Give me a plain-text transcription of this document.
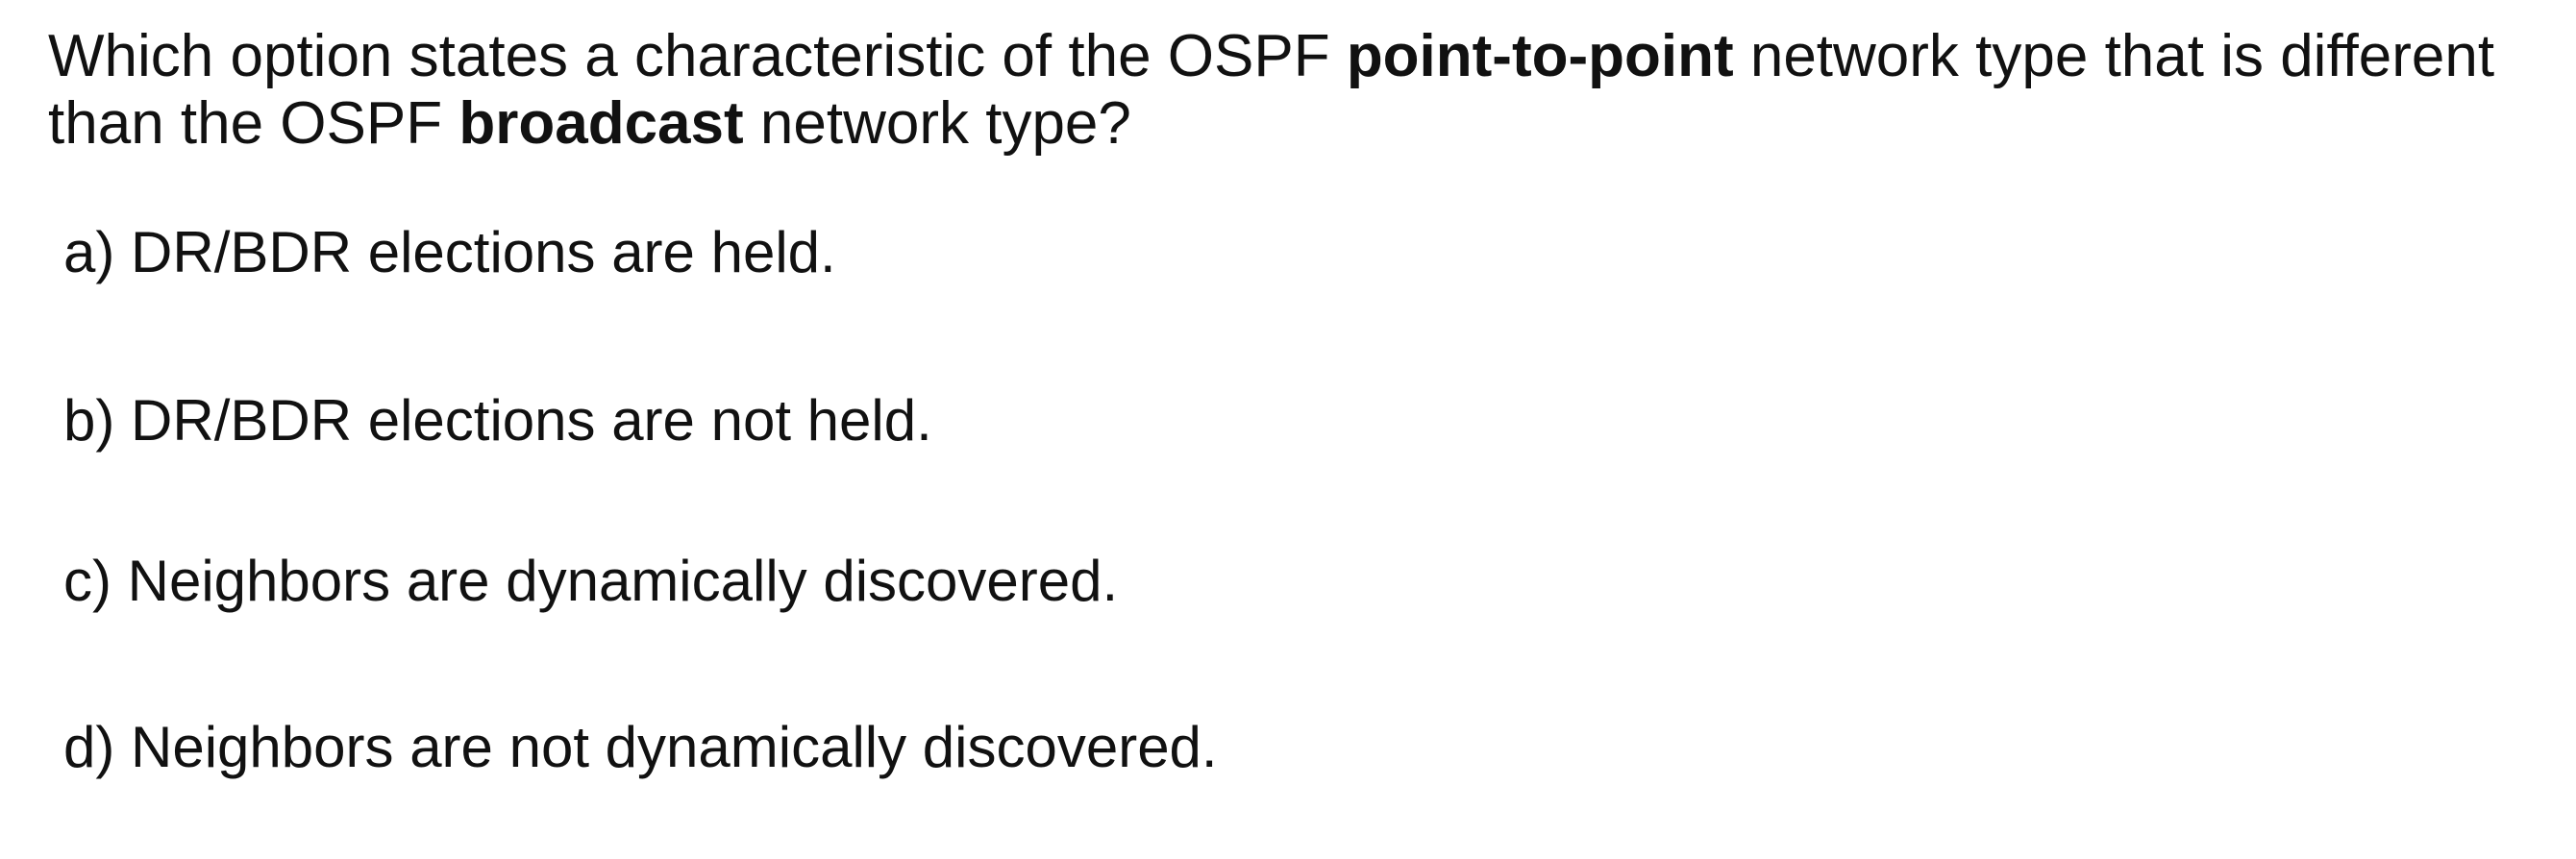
Which option states a characteristic of the OSPF point-to-point network type that is different than the OSPF broadcast network type?
a) DR/BDR elections are held.
b) DR/BDR elections are not held.
c) Neighbors are dynamically discovered.
d) Neighbors are not dynamically discovered.
